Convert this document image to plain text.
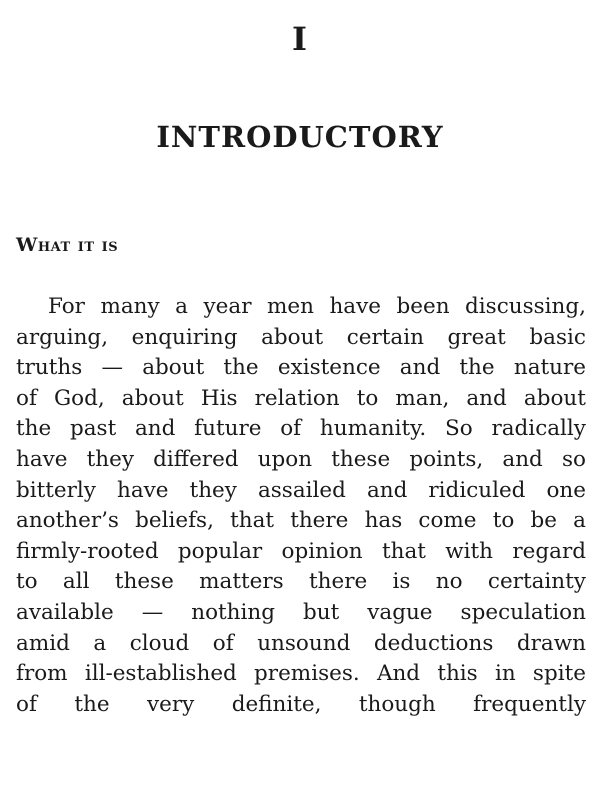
I
INTRODUCTORY
What it is
For many a year men have been discussing,
arguing, enquiring about certain great basic
truths — about the existence and the nature
of God, about His relation to man, and about
the past and future of humanity. So radically
have they differed upon these points, and so
bitterly have they assailed and ridiculed one
another’s beliefs, that there has come to be a
firmly-rooted popular opinion that with regard
to all these matters there is no certainty
available — nothing but vague speculation
amid a cloud of unsound deductions drawn
from ill-established premises. And this in spite
of the very definite, though frequently
